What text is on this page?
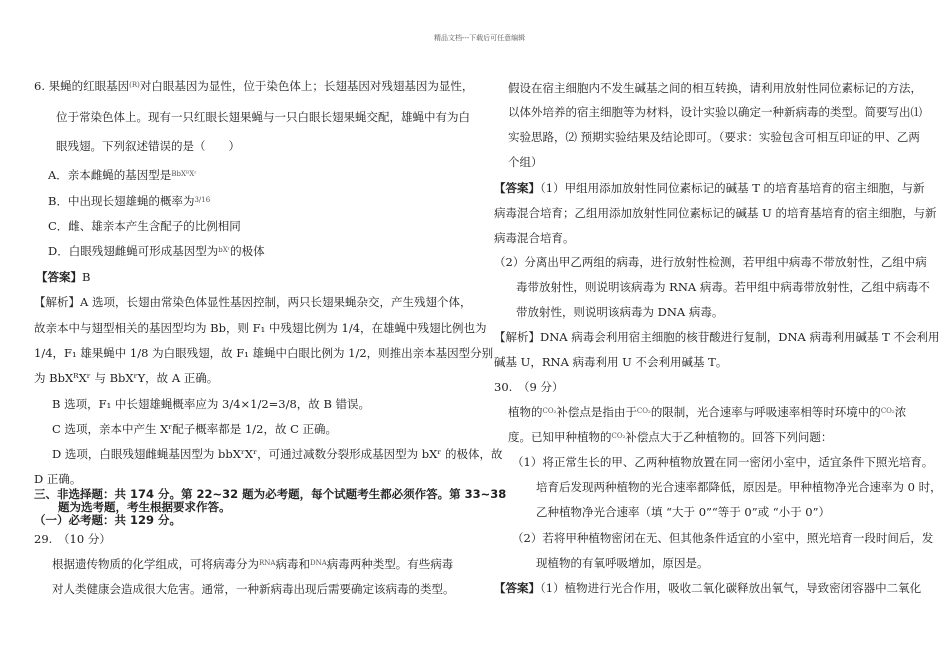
精品文档---下载后可任意编辑
6. 果蝇的红眼基因$^{(R)}$对白眼基因为显性，位于染色体上；长翅基因对残翅基因为显性，
位于常染色体上。现有一只红眼长翅果蝇与一只白眼长翅果蝇交配，雄蝇中有为白
眼残翅。下列叙述错误的是（　　）
A．亲本雌蝇的基因型是$^{BbXᴿXʳ}$
B．中出现长翅雄蝇的概率为$^{3/16}$
C．雌、雄亲本产生含配子的比例相同
D．白眼残翅雌蝇可形成基因型为$^{bXʳ}$的极体
【答案】B
【解析】A 选项，长翅由常染色体显性基因控制，两只长翅果蝇杂交，产生残翅个体，
故亲本中与翅型相关的基因型均为 Bb，则 F₁ 中残翅比例为 1/4，在雄蝇中残翅比例也为
1/4，F₁ 雄果蝇中 1/8 为白眼残翅，故 F₁ 雄蝇中白眼比例为 1/2，则推出亲本基因型分别
为 BbXᴿXʳ 与 BbXʳY，故 A 正确。
B 选项，F₁ 中长翅雄蝇概率应为 3/4×1/2=3/8，故 B 错误。
C 选项，亲本中产生 Xʳ配子概率都是 1/2，故 C 正确。
D 选项，白眼残翅雌蝇基因型为 bbXʳXʳ，可通过减数分裂形成基因型为 bXʳ 的极体，故
D 正确。
三、非选择题：共 174 分。第 22~32 题为必考题，每个试题考生都必须作答。第 33~38
题为选考题，考生根据要求作答。
（一）必考题：共 129 分。
29.　（10 分）
根据遗传物质的化学组成，可将病毒分为$^{RNA}$病毒和$^{DNA}$病毒两种类型。有些病毒
对人类健康会造成很大危害。通常，一种新病毒出现后需要确定该病毒的类型。
假设在宿主细胞内不发生碱基之间的相互转换，请利用放射性同位素标记的方法，
以体外培养的宿主细胞等为材料，设计实验以确定一种新病毒的类型。简要写出⑴
实验思路，⑵ 预期实验结果及结论即可。（要求：实验包含可相互印证的甲、乙两
个组）
【答案】（1）甲组用添加放射性同位素标记的碱基 T 的培育基培育的宿主细胞，与新
病毒混合培育；乙组用添加放射性同位素标记的碱基 U 的培育基培育的宿主细胞，与新
病毒混合培育。
（2）分离出甲乙两组的病毒，进行放射性检测，若甲组中病毒不带放射性，乙组中病
毒带放射性，则说明该病毒为 RNA 病毒。若甲组中病毒带放射性，乙组中病毒不
带放射性，则说明该病毒为 DNA 病毒。
【解析】DNA 病毒会利用宿主细胞的核苷酸进行复制，DNA 病毒利用碱基 T 不会利用
碱基 U，RNA 病毒利用 U 不会利用碱基 T。
30.　（9 分）
植物的$^{CO_2}$补偿点是指由于$^{CO_2}$的限制，光合速率与呼吸速率相等时环境中的$^{CO_2}$浓
度。已知甲种植物的$^{CO_2}$补偿点大于乙种植物的。回答下列问题：
（1）将正常生长的甲、乙两种植物放置在同一密闭小室中，适宜条件下照光培育。
培育后发现两种植物的光合速率都降低，原因是。甲种植物净光合速率为 0 时，
乙种植物净光合速率（填 “大于 0”“等于 0”或 “小于 0”）
（2）若将甲种植物密闭在无、但其他条件适宜的小室中，照光培育一段时间后，发
现植物的有氧呼吸增加，原因是。
【答案】（1）植物进行光合作用，吸收二氧化碳释放出氧气，导致密闭容器中二氧化
